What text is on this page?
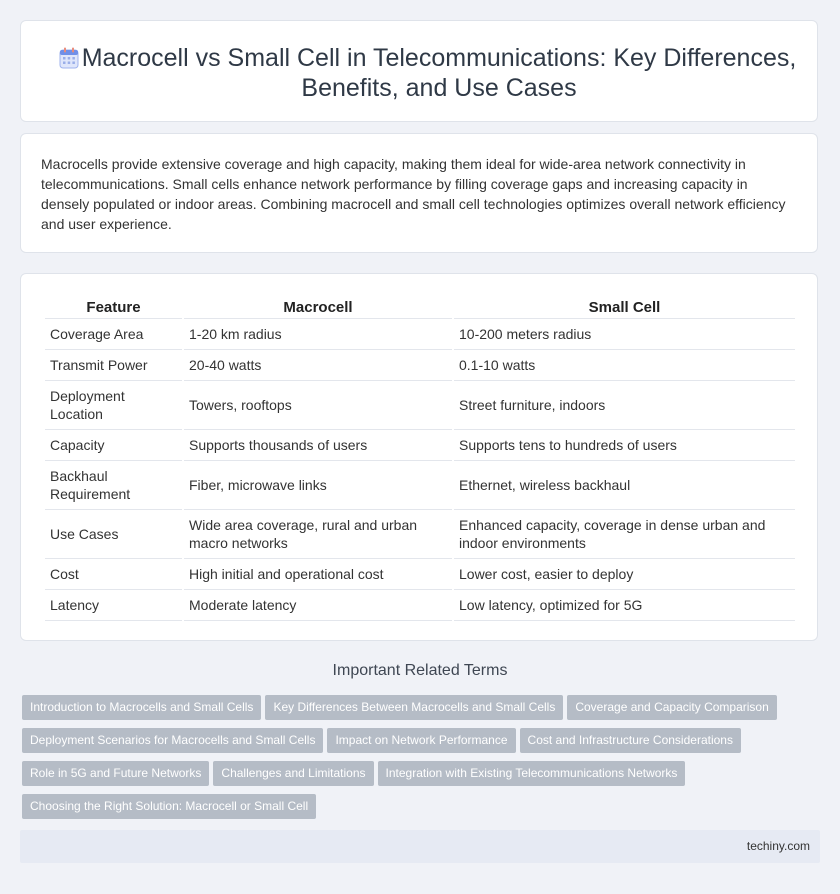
Macrocell vs Small Cell in Telecommunications: Key Differences, Benefits, and Use Cases

Macrocells provide extensive coverage and high capacity, making them ideal for wide-area network connectivity in telecommunications. Small cells enhance network performance by filling coverage gaps and increasing capacity in densely populated or indoor areas. Combining macrocell and small cell technologies optimizes overall network efficiency and user experience.

Feature	Macrocell	Small Cell
Coverage Area	1-20 km radius	10-200 meters radius
Transmit Power	20-40 watts	0.1-10 watts
Deployment Location	Towers, rooftops	Street furniture, indoors
Capacity	Supports thousands of users	Supports tens to hundreds of users
Backhaul Requirement	Fiber, microwave links	Ethernet, wireless backhaul
Use Cases	Wide area coverage, rural and urban macro networks	Enhanced capacity, coverage in dense urban and indoor environments
Cost	High initial and operational cost	Lower cost, easier to deploy
Latency	Moderate latency	Low latency, optimized for 5G
Important Related Terms
Introduction to Macrocells and Small Cells Key Differences Between Macrocells and Small Cells Coverage and Capacity Comparison
Deployment Scenarios for Macrocells and Small Cells Impact on Network Performance Cost and Infrastructure Considerations
Role in 5G and Future Networks Challenges and Limitations Integration with Existing Telecommunications Networks
Choosing the Right Solution: Macrocell or Small Cell
techiny.com
